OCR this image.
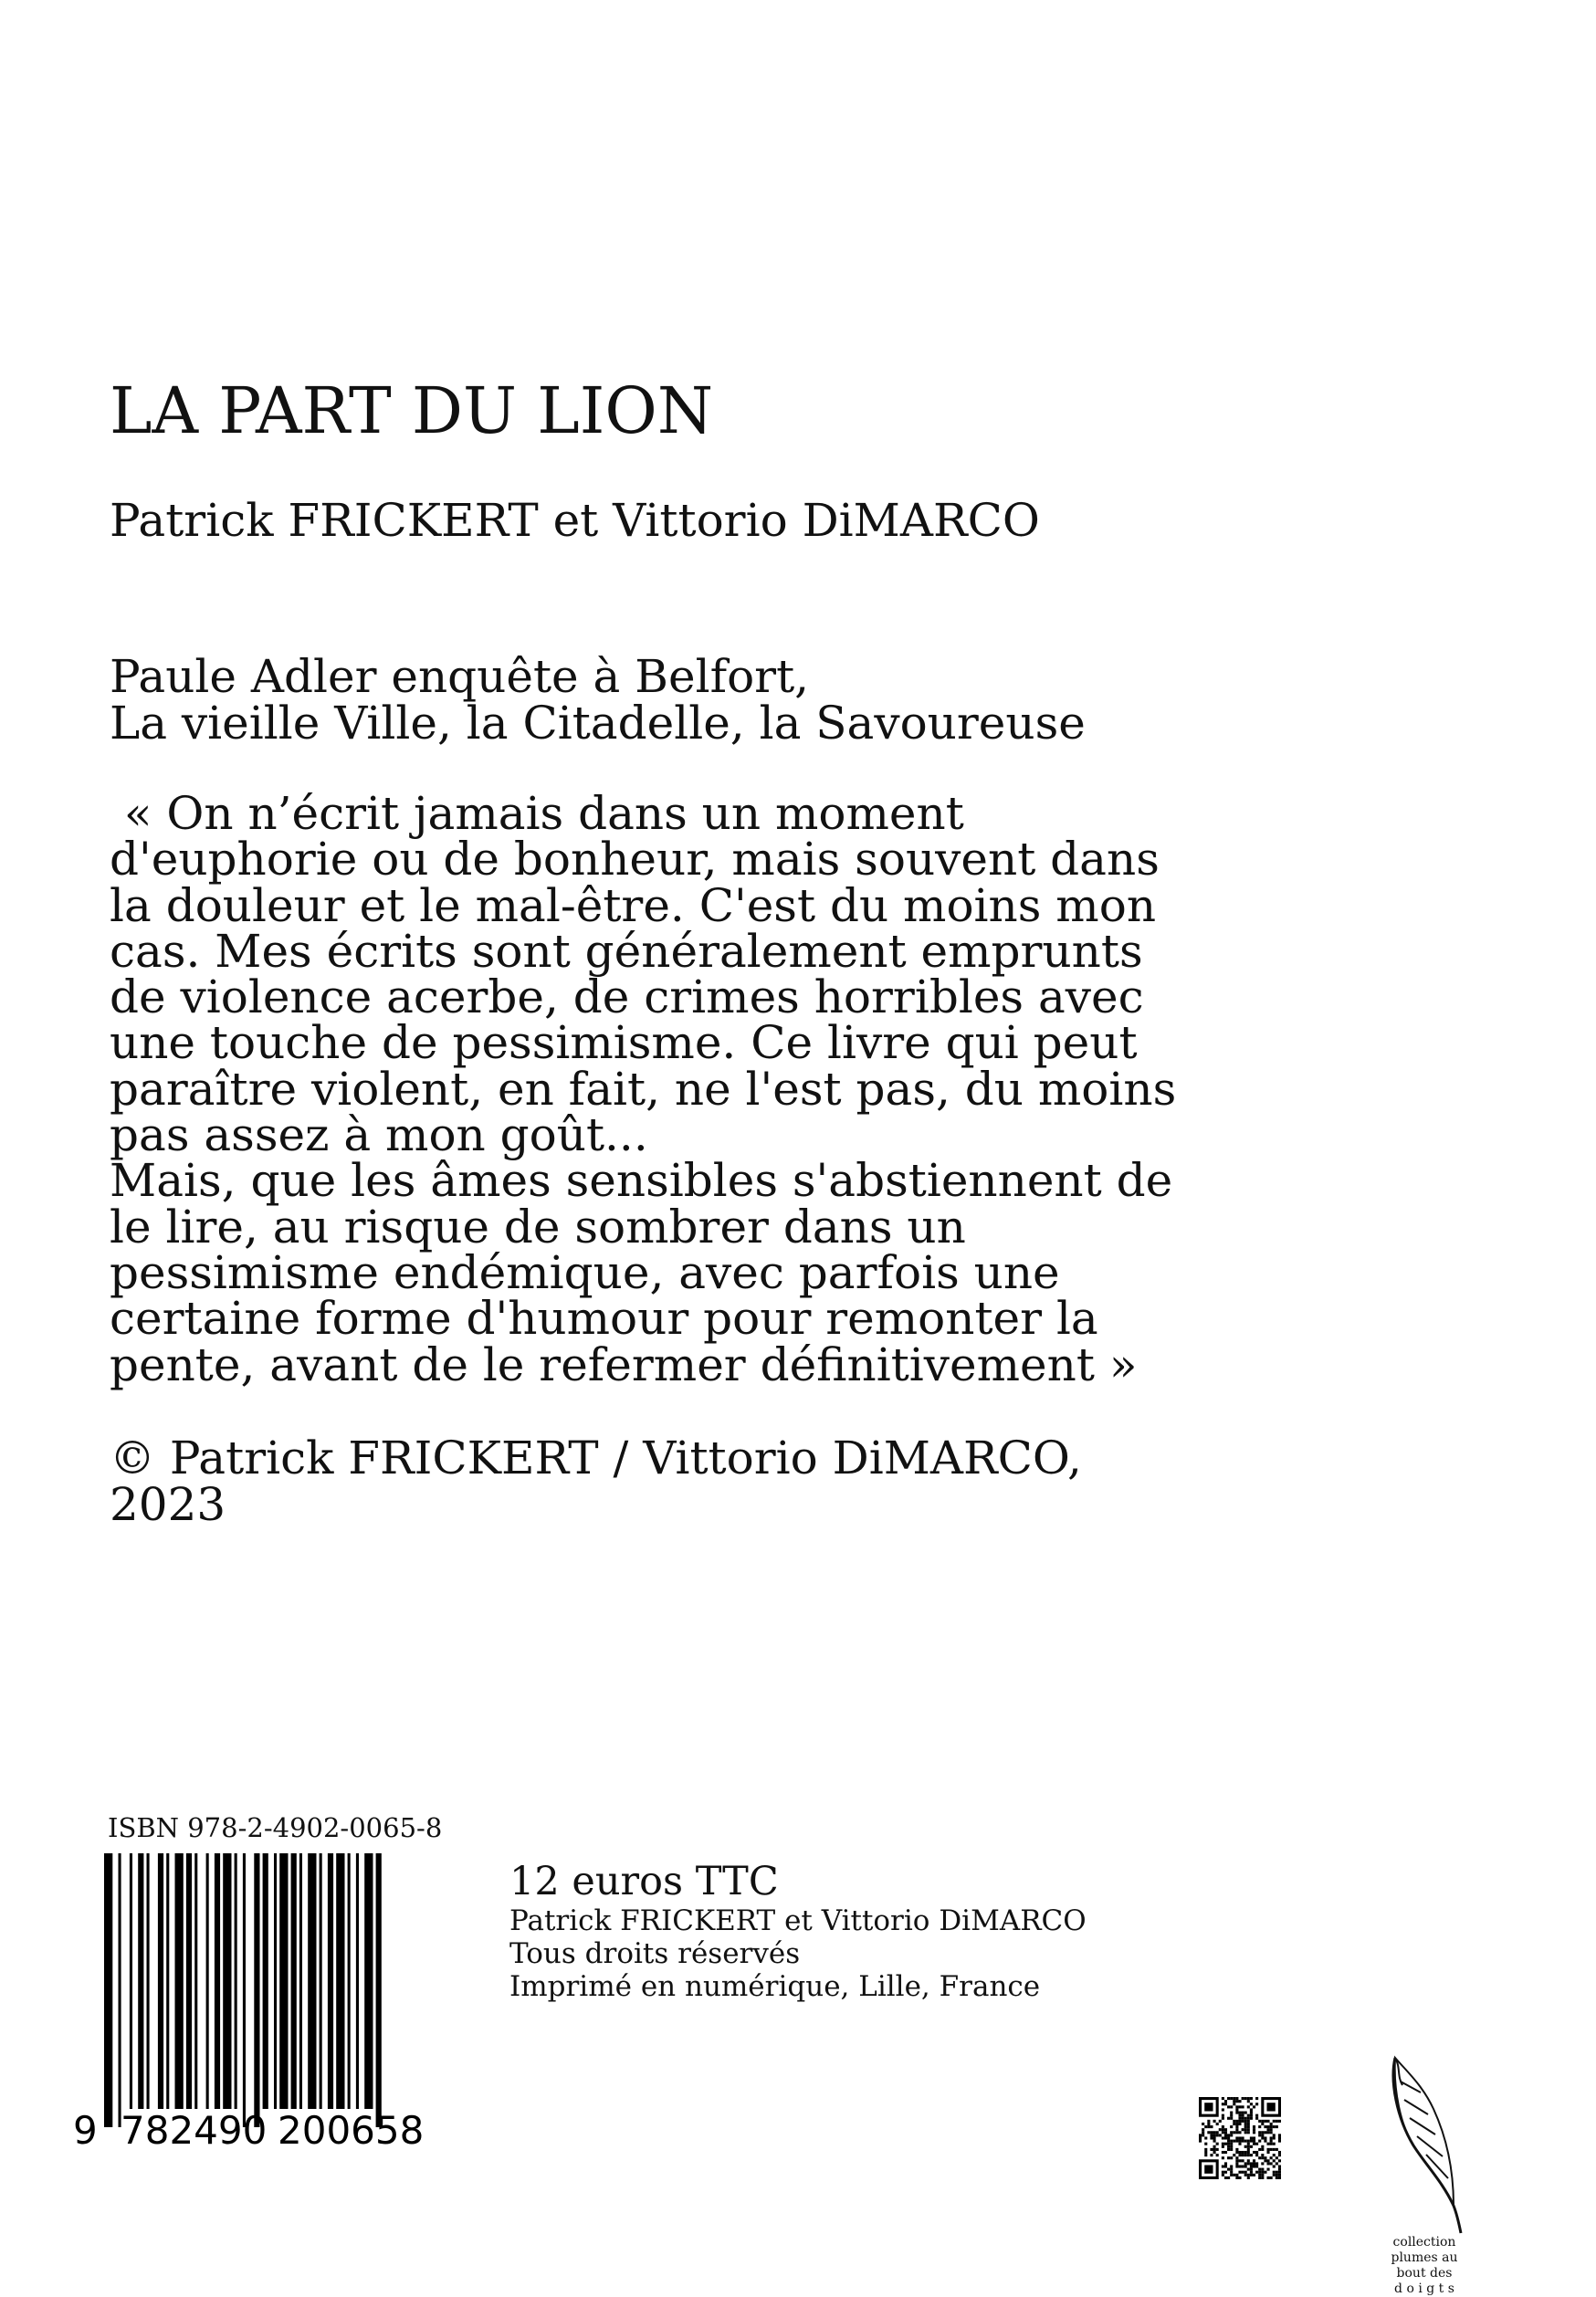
LA PART DU LION
Patrick FRICKERT et Vittorio DiMARCO
Paule Adler enquête à Belfort,
La vieille Ville, la Citadelle, la Savoureuse
« On n’écrit jamais dans un moment
d'euphorie ou de bonheur, mais souvent dans
la douleur et le mal-être. C'est du moins mon
cas. Mes écrits sont généralement emprunts
de violence acerbe, de crimes horribles avec
une touche de pessimisme. Ce livre qui peut
paraître violent, en fait, ne l'est pas, du moins
pas assez à mon goût...
Mais, que les âmes sensibles s'abstiennent de
le lire, au risque de sombrer dans un
pessimisme endémique, avec parfois une
certaine forme d'humour pour remonter la
pente, avant de le refermer définitivement »
© Patrick FRICKERT / Vittorio DiMARCO,
2023
ISBN 978-2-4902-0065-8
9 782490 200658
12 euros TTC
Patrick FRICKERT et Vittorio DiMARCO
Tous droits réservés
Imprimé en numérique, Lille, France
collection
plumes au
bout des
d o i g t s
